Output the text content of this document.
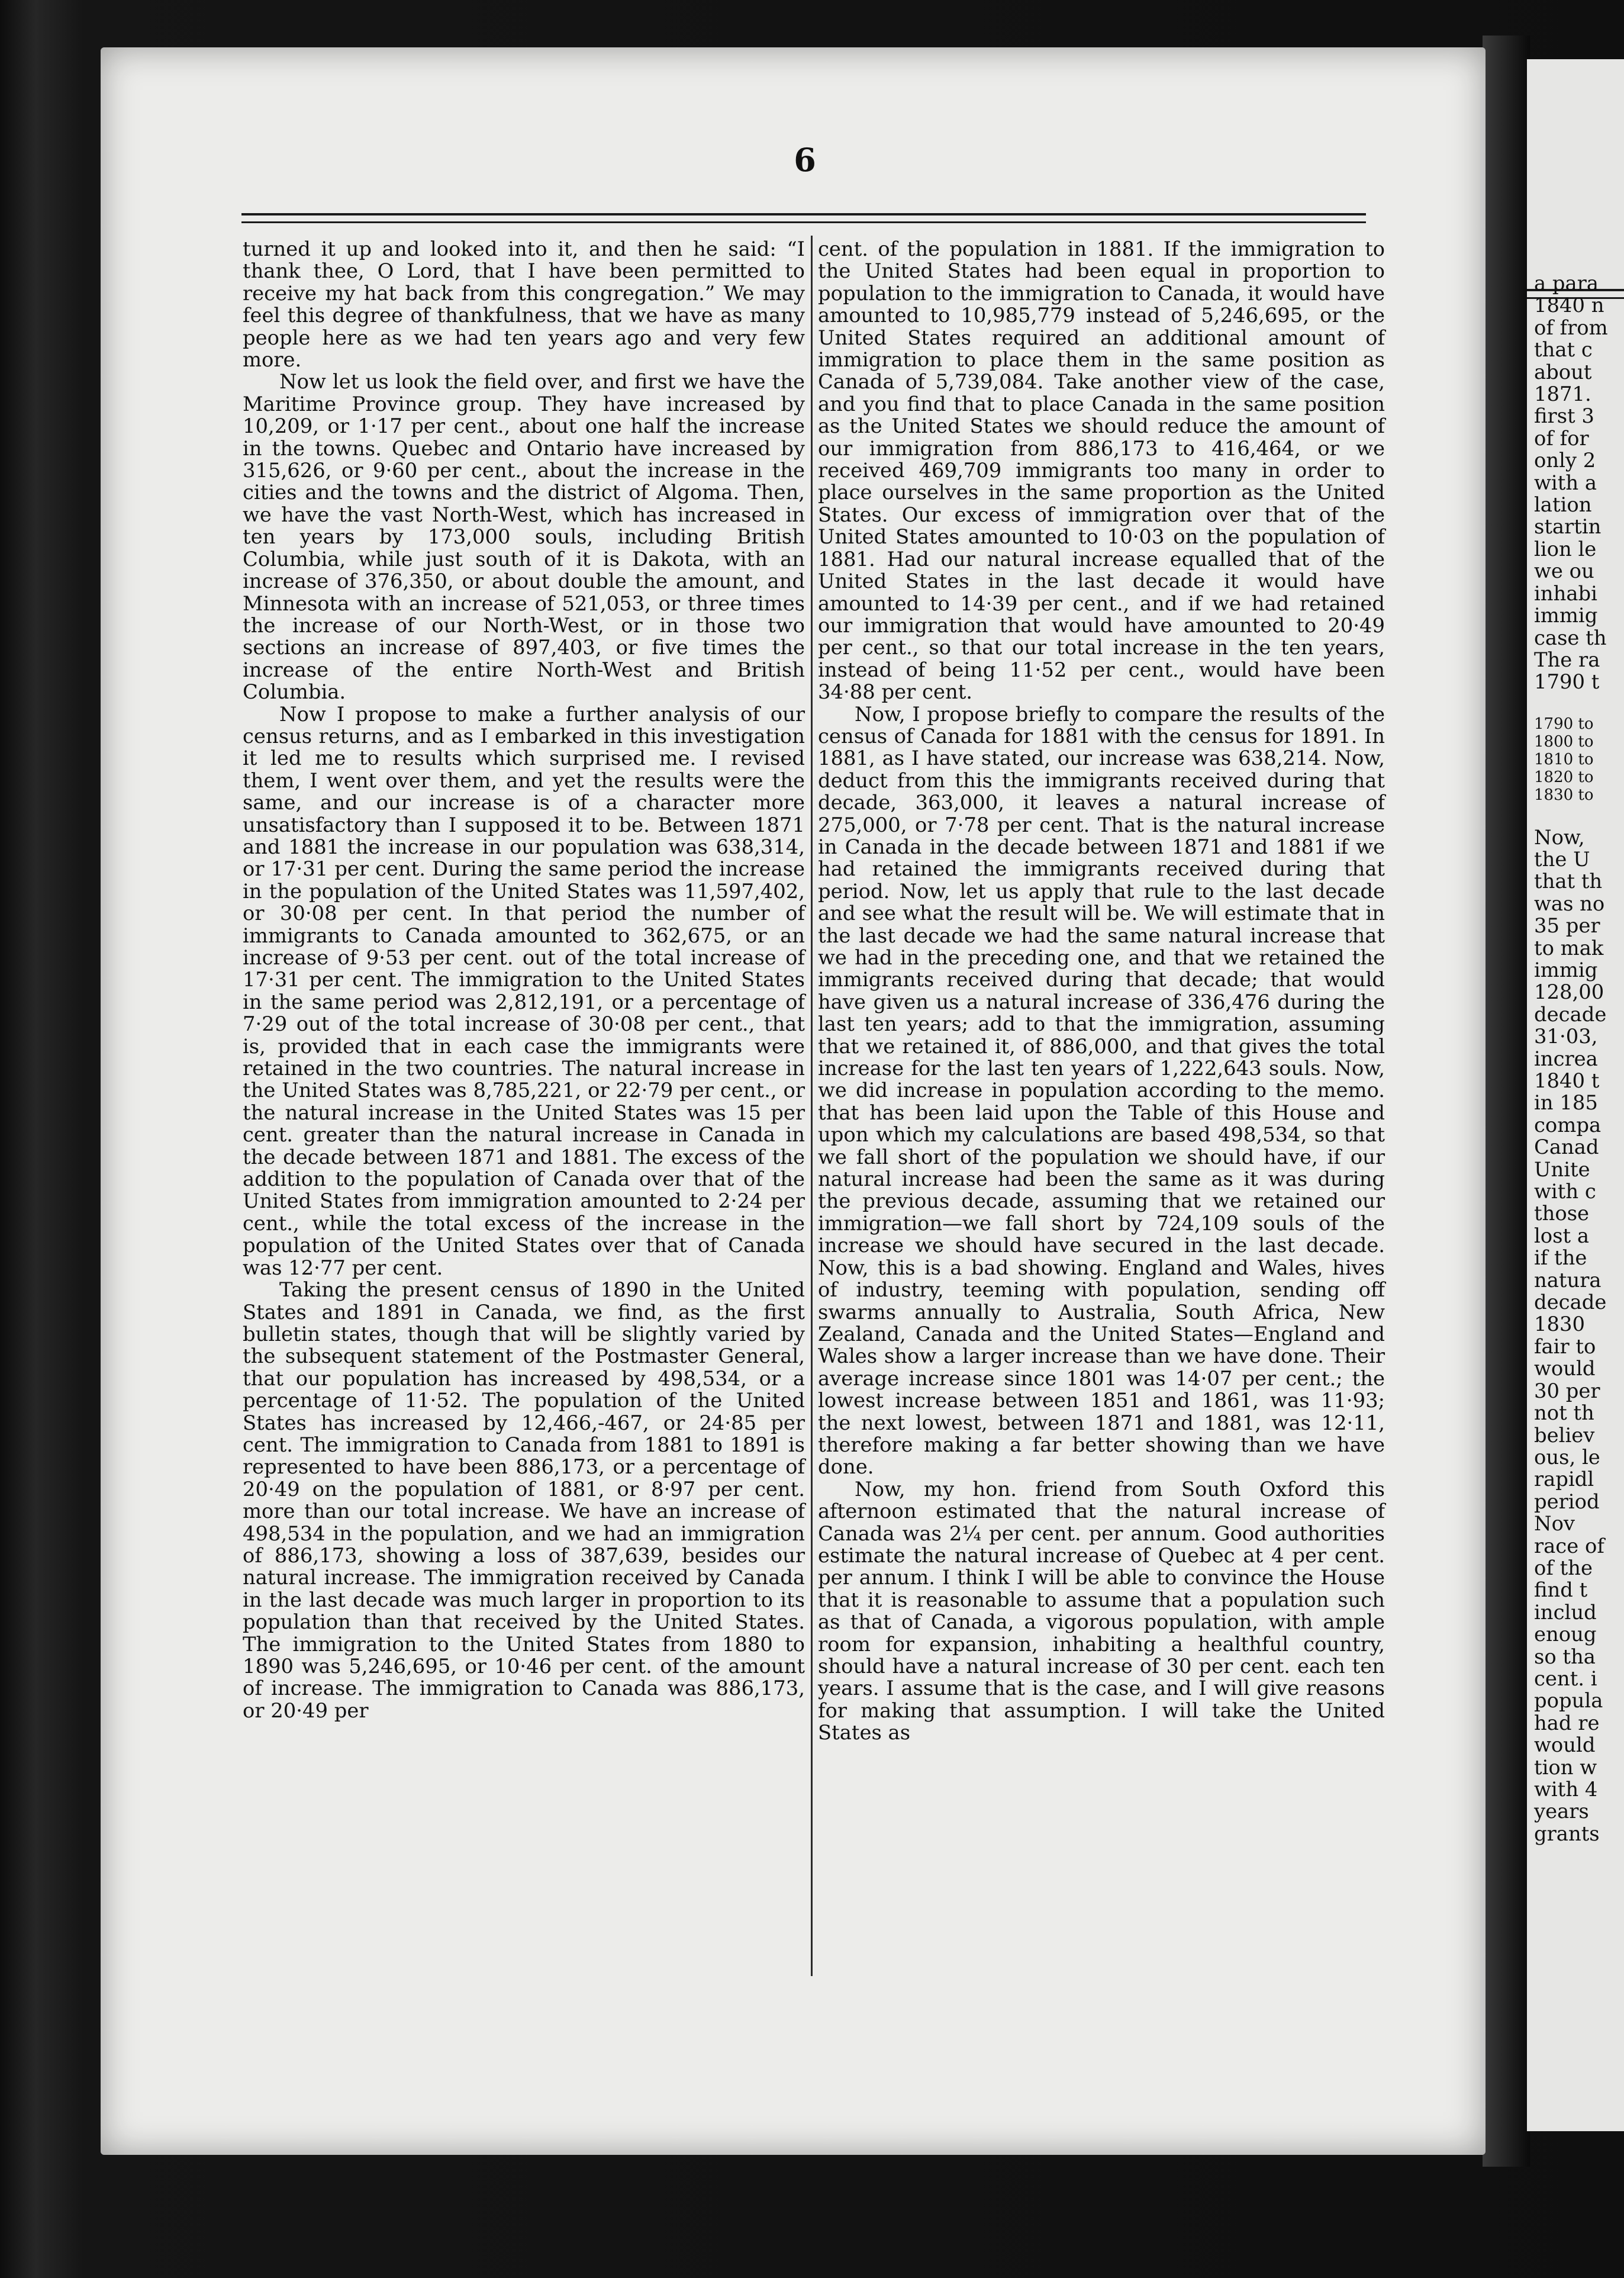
a para
1840 n
of from
that c
about
1871.
first 3
of for
only 2
with a
lation
startin
lion le
we ou
inhabi
immig
case th
The ra
1790 t

1790 to
1800 to
1810 to
1820 to
1830 to

Now,
the U
that th
was no
35 per
to mak
immig
128,00
decade
31·03,
increa
1840 t
in 185
compa
Canad
Unite
with c
those
lost a
if the
natura
decade
1830
fair to
would
30 per
not th
believ
ous, le
rapidl
period
Nov
race of
of the
find t
includ
enoug
so tha
cent. i
popula
had re
would
tion w
with 4
years
grants
6

turned it up and looked into it, and then he said: “I thank thee, O Lord, that I have been permitted to receive my hat back from this congregation.” We may feel this degree of thankfulness, that we have as many people here as we had ten years ago and very few more.

Now let us look the field over, and first we have the Maritime Province group. They have increased by 10,209, or 1·17 per cent., about one half the increase in the towns. Quebec and Ontario have increased by 315,626, or 9·60 per cent., about the increase in the cities and the towns and the district of Algoma. Then, we have the vast North-West, which has increased in ten years by 173,000 souls, including British Columbia, while just south of it is Dakota, with an increase of 376,350, or about double the amount, and Minnesota with an increase of 521,053, or three times the increase of our North-West, or in those two sections an increase of 897,403, or five times the increase of the entire North-West and British Columbia.

Now I propose to make a further analysis of our census returns, and as I embarked in this investigation it led me to results which surprised me. I revised them, I went over them, and yet the results were the same, and our increase is of a character more unsatisfactory than I supposed it to be. Between 1871 and 1881 the increase in our population was 638,314, or 17·31 per cent. During the same period the increase in the population of the United States was 11,597,402, or 30·08 per cent. In that period the number of immigrants to Canada amounted to 362,675, or an increase of 9·53 per cent. out of the total increase of 17·31 per cent. The immigration to the United States in the same period was 2,812,191, or a percentage of 7·29 out of the total increase of 30·08 per cent., that is, provided that in each case the immigrants were retained in the two countries. The natural increase in the United States was 8,785,221, or 22·79 per cent., or the natural increase in the United States was 15 per cent. greater than the natural increase in Canada in the decade between 1871 and 1881. The excess of the addition to the population of Canada over that of the United States from immigration amounted to 2·24 per cent., while the total excess of the increase in the population of the United States over that of Canada was 12·77 per cent.

Taking the present census of 1890 in the United States and 1891 in Canada, we find, as the first bulletin states, though that will be slightly varied by the subsequent statement of the Postmaster General, that our population has increased by 498,534, or a percentage of 11·52. The population of the United States has increased by 12,466,-467, or 24·85 per cent. The immigration to Canada from 1881 to 1891 is represented to have been 886,173, or a percentage of 20·49 on the population of 1881, or 8·97 per cent. more than our total increase. We have an increase of 498,534 in the population, and we had an immigration of 886,173, showing a loss of 387,639, besides our natural increase. The immigration received by Canada in the last decade was much larger in proportion to its population than that received by the United States. The immigration to the United States from 1880 to 1890 was 5,246,695, or 10·46 per cent. of the amount of increase. The immigration to Canada was 886,173, or 20·49 per

cent. of the population in 1881. If the immigration to the United States had been equal in proportion to population to the immigration to Canada, it would have amounted to 10,985,779 instead of 5,246,695, or the United States required an additional amount of immigration to place them in the same position as Canada of 5,739,084. Take another view of the case, and you find that to place Canada in the same position as the United States we should reduce the amount of our immigration from 886,173 to 416,464, or we received 469,709 immigrants too many in order to place ourselves in the same proportion as the United States. Our excess of immigration over that of the United States amounted to 10·03 on the population of 1881. Had our natural increase equalled that of the United States in the last decade it would have amounted to 14·39 per cent., and if we had retained our immigration that would have amounted to 20·49 per cent., so that our total increase in the ten years, instead of being 11·52 per cent., would have been 34·88 per cent.

Now, I propose briefly to compare the results of the census of Canada for 1881 with the census for 1891. In 1881, as I have stated, our increase was 638,214. Now, deduct from this the immigrants received during that decade, 363,000, it leaves a natural increase of 275,000, or 7·78 per cent. That is the natural increase in Canada in the decade between 1871 and 1881 if we had retained the immigrants received during that period. Now, let us apply that rule to the last decade and see what the result will be. We will estimate that in the last decade we had the same natural increase that we had in the preceding one, and that we retained the immigrants received during that decade; that would have given us a natural increase of 336,476 during the last ten years; add to that the immigration, assuming that we retained it, of 886,000, and that gives the total increase for the last ten years of 1,222,643 souls. Now, we did increase in population according to the memo. that has been laid upon the Table of this House and upon which my calculations are based 498,534, so that we fall short of the population we should have, if our natural increase had been the same as it was during the previous decade, assuming that we retained our immigration—we fall short by 724,109 souls of the increase we should have secured in the last decade. Now, this is a bad showing. England and Wales, hives of industry, teeming with population, sending off swarms annually to Australia, South Africa, New Zealand, Canada and the United States—England and Wales show a larger increase than we have done. Their average increase since 1801 was 14·07 per cent.; the lowest increase between 1851 and 1861, was 11·93; the next lowest, between 1871 and 1881, was 12·11, therefore making a far better showing than we have done.

Now, my hon. friend from South Oxford this afternoon estimated that the natural increase of Canada was 2¼ per cent. per annum. Good authorities estimate the natural increase of Quebec at 4 per cent. per annum. I think I will be able to convince the House that it is reasonable to assume that a population such as that of Canada, a vigorous population, with ample room for expansion, inhabiting a healthful country, should have a natural increase of 30 per cent. each ten years. I assume that is the case, and I will give reasons for making that assumption. I will take the United States as
